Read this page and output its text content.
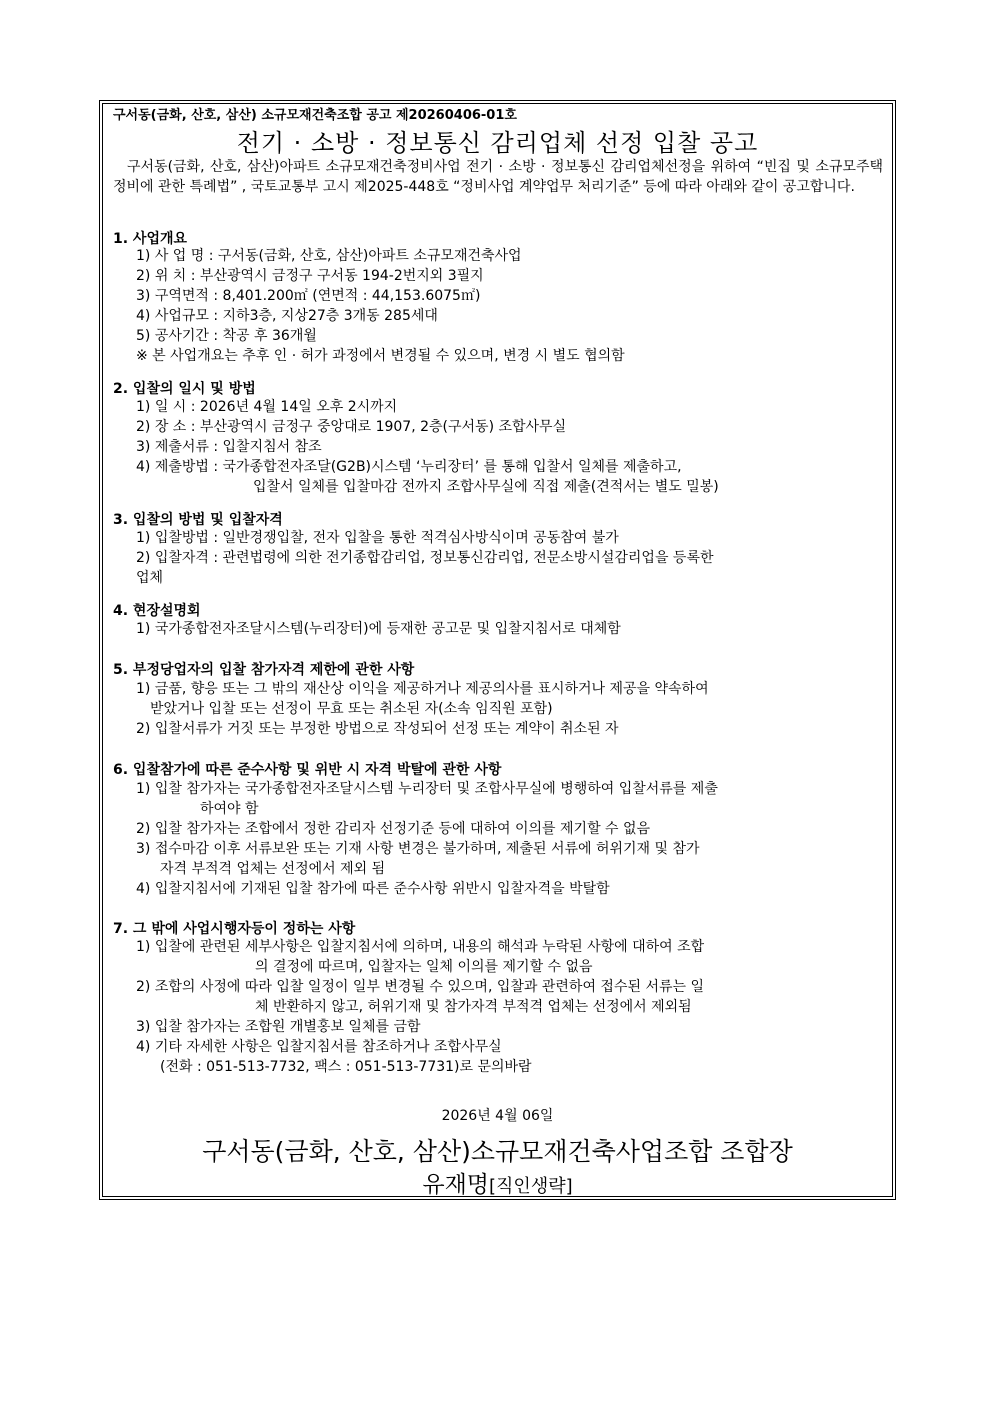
구서동(금화, 산호, 삼산) 소규모재건축조합 공고 제20260406-01호
전기 · 소방 · 정보통신 감리업체 선정 입찰 공고
구서동(금화, 산호, 삼산)아파트 소규모재건축정비사업 전기 · 소방 · 정보통신 감리업체선정을 위하여 “빈집 및 소규모주택 정비에 관한 특례법” , 국토교통부 고시 제2025-448호 “정비사업 계약업무 처리기준” 등에 따라 아래와 같이 공고합니다.
1. 사업개요
1) 사 업 명 : 구서동(금화, 산호, 삼산)아파트 소규모재건축사업
2) 위 치 : 부산광역시 금정구 구서동 194-2번지외 3필지
3) 구역면적 : 8,401.200㎡ (연면적 : 44,153.6075㎡)
4) 사업규모 : 지하3층, 지상27층 3개동 285세대
5) 공사기간 : 착공 후 36개월
※ 본 사업개요는 추후 인 · 허가 과정에서 변경될 수 있으며, 변경 시 별도 협의함
2. 입찰의 일시 및 방법
1) 일 시 : 2026년 4월 14일 오후 2시까지
2) 장 소 : 부산광역시 금정구 중앙대로 1907, 2층(구서동) 조합사무실
3) 제출서류 : 입찰지침서 참조
4) 제출방법 : 국가종합전자조달(G2B)시스템 ‘누리장터’ 를 통해 입찰서 일체를 제출하고,
입찰서 일체를 입찰마감 전까지 조합사무실에 직접 제출(견적서는 별도 밀봉)
3. 입찰의 방법 및 입찰자격
1) 입찰방법 : 일반경쟁입찰, 전자 입찰을 통한 적격심사방식이며 공동참여 불가
2) 입찰자격 : 관련법령에 의한 전기종합감리업, 정보통신감리업, 전문소방시설감리업을 등록한
업체
4. 현장설명회
1) 국가종합전자조달시스템(누리장터)에 등재한 공고문 및 입찰지침서로 대체함
5. 부정당업자의 입찰 참가자격 제한에 관한 사항
1) 금품, 향응 또는 그 밖의 재산상 이익을 제공하거나 제공의사를 표시하거나 제공을 약속하여
받았거나 입찰 또는 선정이 무효 또는 취소된 자(소속 임직원 포함)
2) 입찰서류가 거짓 또는 부정한 방법으로 작성되어 선정 또는 계약이 취소된 자
6. 입찰참가에 따른 준수사항 및 위반 시 자격 박탈에 관한 사항
1) 입찰 참가자는 국가종합전자조달시스템 누리장터 및 조합사무실에 병행하여 입찰서류를 제출
하여야 함
2) 입찰 참가자는 조합에서 정한 감리자 선정기준 등에 대하여 이의를 제기할 수 없음
3) 접수마감 이후 서류보완 또는 기재 사항 변경은 불가하며, 제출된 서류에 허위기재 및 참가
자격 부적격 업체는 선정에서 제외 됨
4) 입찰지침서에 기재된 입찰 참가에 따른 준수사항 위반시 입찰자격을 박탈함
7. 그 밖에 사업시행자등이 정하는 사항
1) 입찰에 관련된 세부사항은 입찰지침서에 의하며, 내용의 해석과 누락된 사항에 대하여 조합
의 결정에 따르며, 입찰자는 일체 이의를 제기할 수 없음
2) 조합의 사정에 따라 입찰 일정이 일부 변경될 수 있으며, 입찰과 관련하여 접수된 서류는 일
체 반환하지 않고, 허위기재 및 참가자격 부적격 업체는 선정에서 제외됨
3) 입찰 참가자는 조합원 개별홍보 일체를 금함
4) 기타 자세한 사항은 입찰지침서를 참조하거나 조합사무실
(전화 : 051-513-7732, 팩스 : 051-513-7731)로 문의바람
2026년 4월 06일
구서동(금화, 산호, 삼산)소규모재건축사업조합 조합장
유재명[직인생략]
